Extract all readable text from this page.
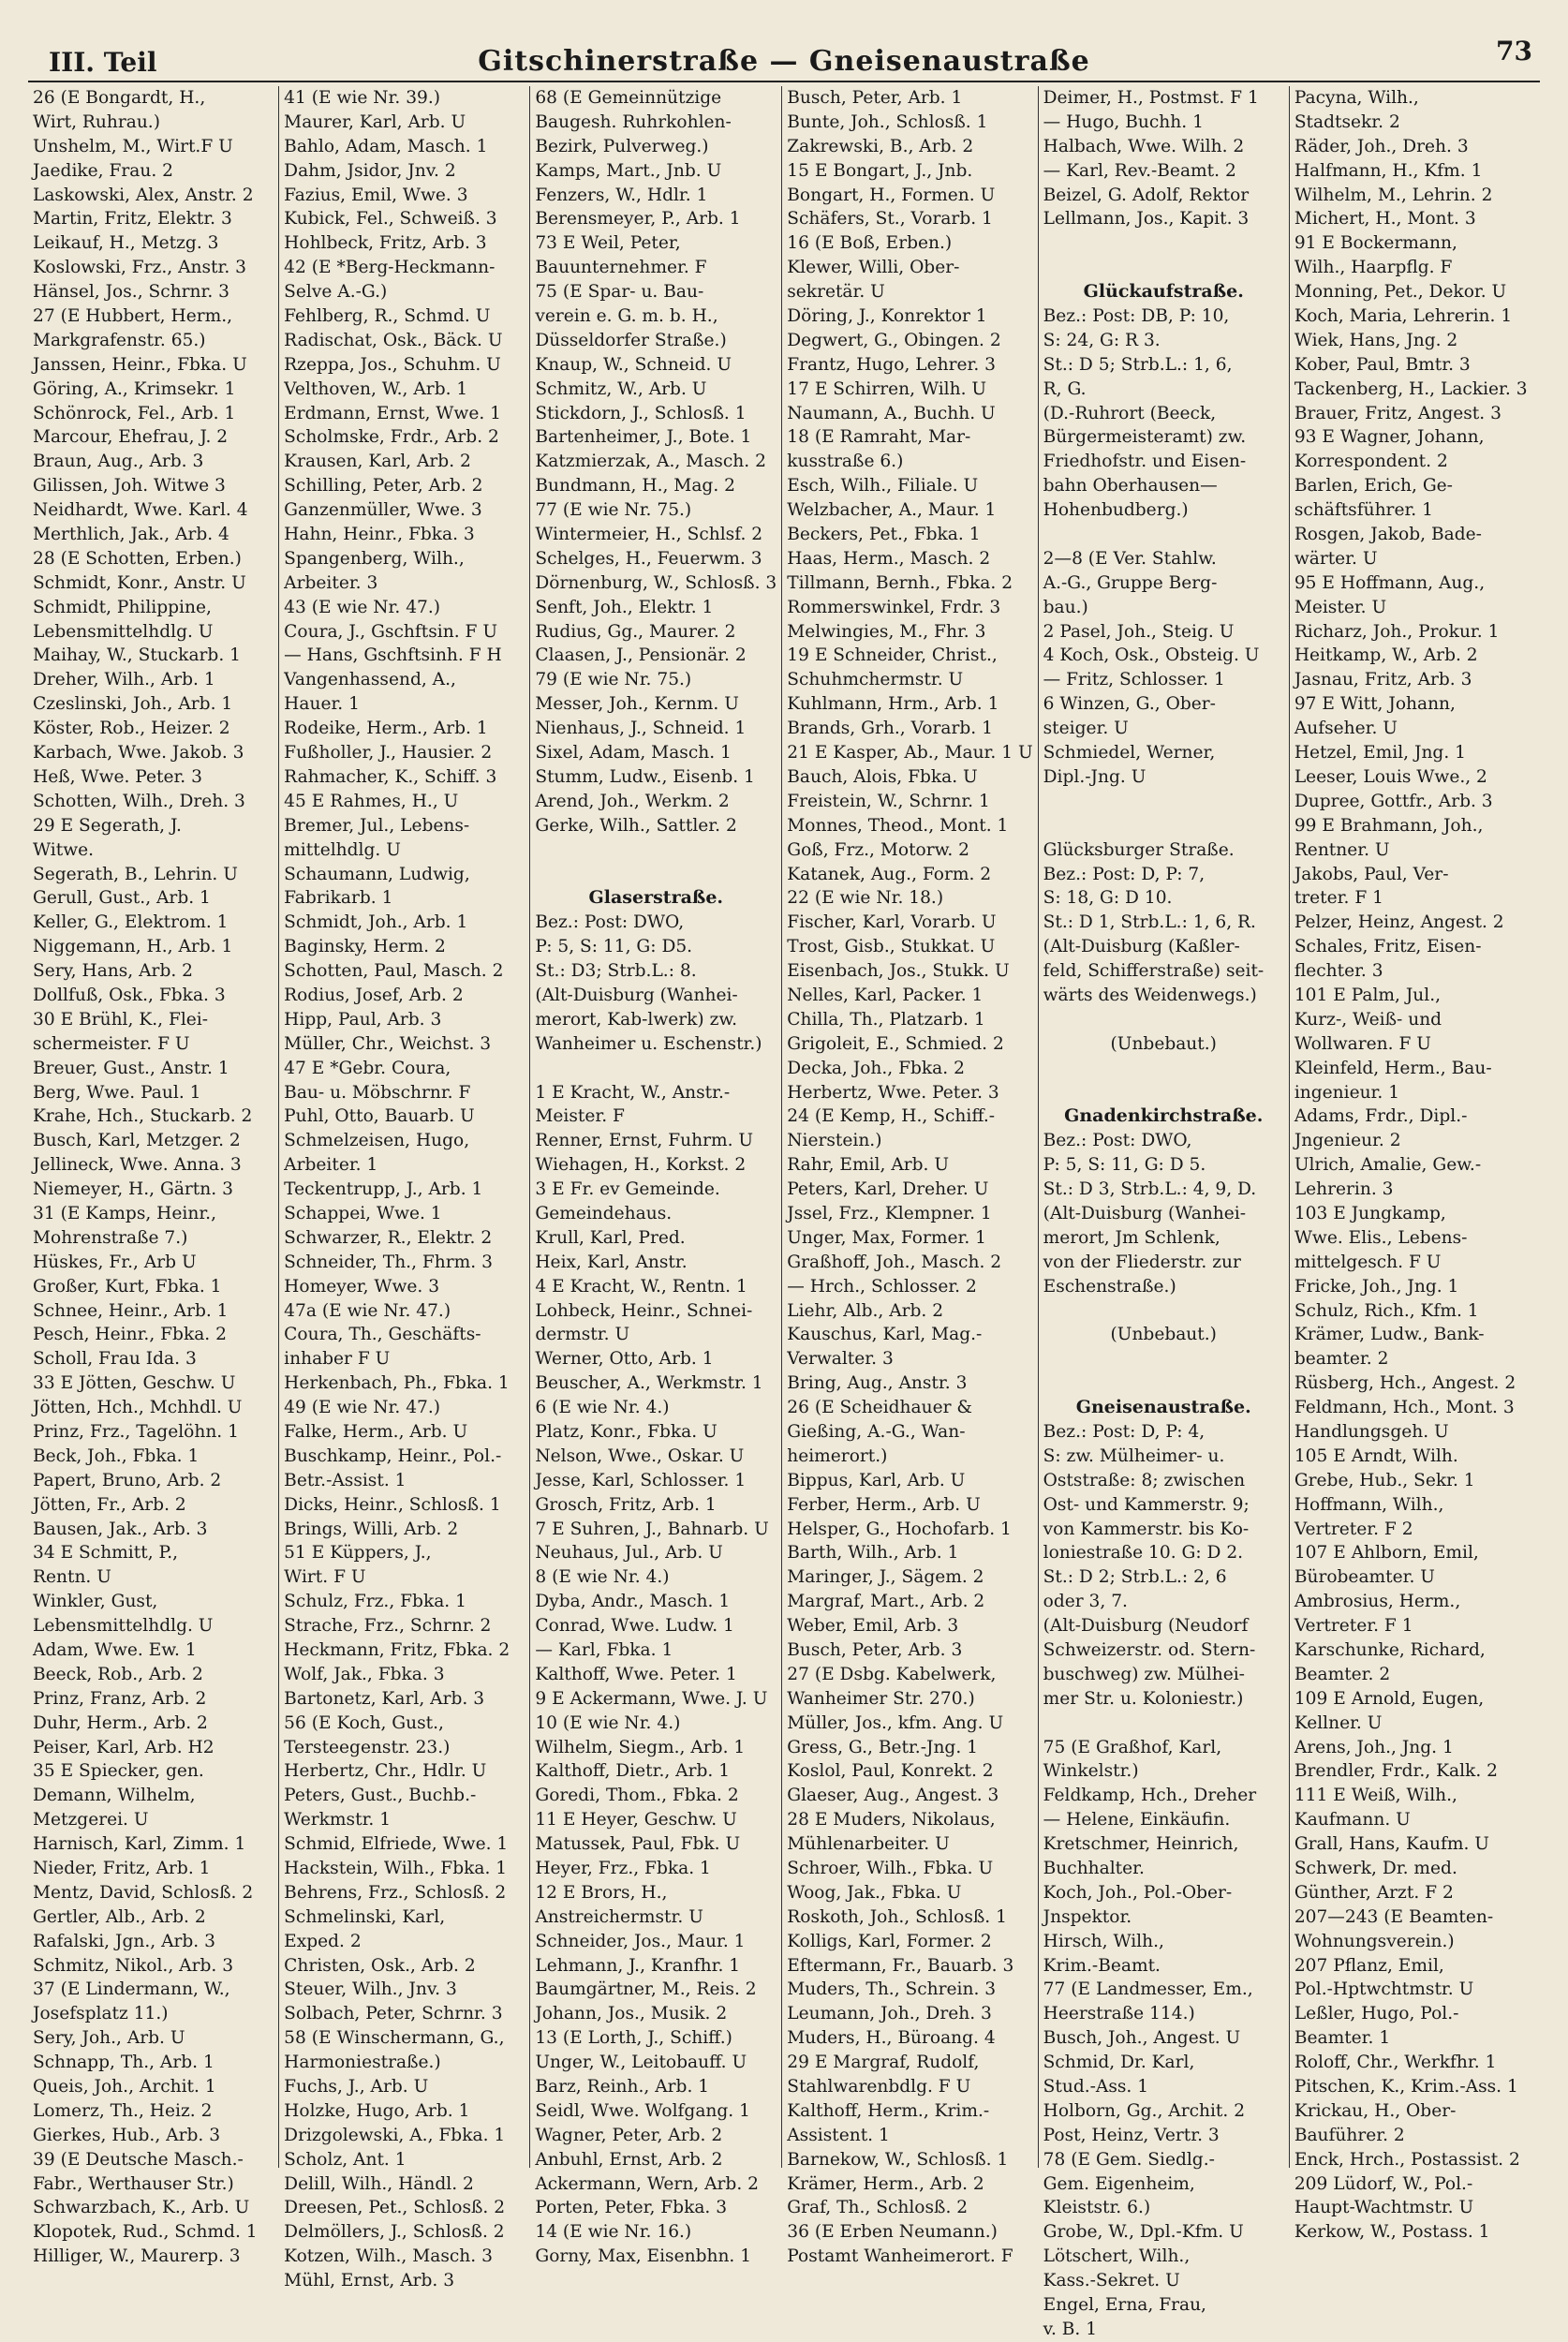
III. Teil	Gitschinerstraße — Gneisenaustraße	73
26 (E Bongardt, H.,
Wirt, Ruhrau.)
Unshelm, M., Wirt.F U
Jaedike, Frau. 2
Laskowski, Alex, Anstr. 2
Martin, Fritz, Elektr. 3
Leikauf, H., Metzg. 3
Koslowski, Frz., Anstr. 3
Hänsel, Jos., Schrnr. 3
27 (E Hubbert, Herm.,
Markgrafenstr. 65.)
Janssen, Heinr., Fbka. U
Göring, A., Krimsekr. 1
Schönrock, Fel., Arb. 1
Marcour, Ehefrau, J. 2
Braun, Aug., Arb. 3
Gilissen, Joh. Witwe 3
Neidhardt, Wwe. Karl. 4
Merthlich, Jak., Arb. 4
28 (E Schotten, Erben.)
Schmidt, Konr., Anstr. U
Schmidt, Philippine,
Lebensmittelhdlg. U
Maihay, W., Stuckarb. 1
Dreher, Wilh., Arb. 1
Czeslinski, Joh., Arb. 1
Köster, Rob., Heizer. 2
Karbach, Wwe. Jakob. 3
Heß, Wwe. Peter. 3
Schotten, Wilh., Dreh. 3
29 E Segerath, J.
Witwe.
Segerath, B., Lehrin. U
Gerull, Gust., Arb. 1
Keller, G., Elektrom. 1
Niggemann, H., Arb. 1
Sery, Hans, Arb. 2
Dollfuß, Osk., Fbka. 3
30 E Brühl, K., Flei-
schermeister. F U
Breuer, Gust., Anstr. 1
Berg, Wwe. Paul. 1
Krahe, Hch., Stuckarb. 2
Busch, Karl, Metzger. 2
Jellineck, Wwe. Anna. 3
Niemeyer, H., Gärtn. 3
31 (E Kamps, Heinr.,
Mohrenstraße 7.)
Hüskes, Fr., Arb U
Großer, Kurt, Fbka. 1
Schnee, Heinr., Arb. 1
Pesch, Heinr., Fbka. 2
Scholl, Frau Ida. 3
33 E Jötten, Geschw. U
Jötten, Hch., Mchhdl. U
Prinz, Frz., Tagelöhn. 1
Beck, Joh., Fbka. 1
Papert, Bruno, Arb. 2
Jötten, Fr., Arb. 2
Bausen, Jak., Arb. 3
34 E Schmitt, P.,
Rentn. U
Winkler, Gust,
Lebensmittelhdlg. U
Adam, Wwe. Ew. 1
Beeck, Rob., Arb. 2
Prinz, Franz, Arb. 2
Duhr, Herm., Arb. 2
Peiser, Karl, Arb. H2
35 E Spiecker, gen.
Demann, Wilhelm,
Metzgerei. U
Harnisch, Karl, Zimm. 1
Nieder, Fritz, Arb. 1
Mentz, David, Schlosß. 2
Gertler, Alb., Arb. 2
Rafalski, Jgn., Arb. 3
Schmitz, Nikol., Arb. 3
37 (E Lindermann, W.,
Josefsplatz 11.)
Sery, Joh., Arb. U
Schnapp, Th., Arb. 1
Queis, Joh., Archit. 1
Lomerz, Th., Heiz. 2
Gierkes, Hub., Arb. 3
39 (E Deutsche Masch.-
Fabr., Werthauser Str.)
Schwarzbach, K., Arb. U
Klopotek, Rud., Schmd. 1
Hilliger, W., Maurerp. 3
41 (E wie Nr. 39.)
Maurer, Karl, Arb. U
Bahlo, Adam, Masch. 1
Dahm, Jsidor, Jnv. 2
Fazius, Emil, Wwe. 3
Kubick, Fel., Schweiß. 3
Hohlbeck, Fritz, Arb. 3
42 (E *Berg-Heckmann-
Selve A.-G.)
Fehlberg, R., Schmd. U
Radischat, Osk., Bäck. U
Rzeppa, Jos., Schuhm. U
Velthoven, W., Arb. 1
Erdmann, Ernst, Wwe. 1
Scholmske, Frdr., Arb. 2
Krausen, Karl, Arb. 2
Schilling, Peter, Arb. 2
Ganzenmüller, Wwe. 3
Hahn, Heinr., Fbka. 3
Spangenberg, Wilh.,
Arbeiter. 3
43 (E wie Nr. 47.)
Coura, J., Gschftsin. F U
— Hans, Gschftsinh. F H
Vangenhassend, A.,
Hauer. 1
Rodeike, Herm., Arb. 1
Fußholler, J., Hausier. 2
Rahmacher, K., Schiff. 3
45 E Rahmes, H., U
Bremer, Jul., Lebens-
mittelhdlg. U
Schaumann, Ludwig,
Fabrikarb. 1
Schmidt, Joh., Arb. 1
Baginsky, Herm. 2
Schotten, Paul, Masch. 2
Rodius, Josef, Arb. 2
Hipp, Paul, Arb. 3
Müller, Chr., Weichst. 3
47 E *Gebr. Coura,
Bau- u. Möbschrnr. F
Puhl, Otto, Bauarb. U
Schmelzeisen, Hugo,
Arbeiter. 1
Teckentrupp, J., Arb. 1
Schappei, Wwe. 1
Schwarzer, R., Elektr. 2
Schneider, Th., Fhrm. 3
Homeyer, Wwe. 3
47a (E wie Nr. 47.)
Coura, Th., Geschäfts-
inhaber F U
Herkenbach, Ph., Fbka. 1
49 (E wie Nr. 47.)
Falke, Herm., Arb. U
Buschkamp, Heinr., Pol.-
Betr.-Assist. 1
Dicks, Heinr., Schlosß. 1
Brings, Willi, Arb. 2
51 E Küppers, J.,
Wirt. F U
Schulz, Frz., Fbka. 1
Strache, Frz., Schrnr. 2
Heckmann, Fritz, Fbka. 2
Wolf, Jak., Fbka. 3
Bartonetz, Karl, Arb. 3
56 (E Koch, Gust.,
Tersteegenstr. 23.)
Herbertz, Chr., Hdlr. U
Peters, Gust., Buchb.-
Werkmstr. 1
Schmid, Elfriede, Wwe. 1
Hackstein, Wilh., Fbka. 1
Behrens, Frz., Schlosß. 2
Schmelinski, Karl,
Exped. 2
Christen, Osk., Arb. 2
Steuer, Wilh., Jnv. 3
Solbach, Peter, Schrnr. 3
58 (E Winschermann, G.,
Harmoniestraße.)
Fuchs, J., Arb. U
Holzke, Hugo, Arb. 1
Drizgolewski, A., Fbka. 1
Scholz, Ant. 1
Delill, Wilh., Händl. 2
Dreesen, Pet., Schlosß. 2
Delmöllers, J., Schlosß. 2
Kotzen, Wilh., Masch. 3
Mühl, Ernst, Arb. 3
68 (E Gemeinnützige
Baugesh. Ruhrkohlen-
Bezirk, Pulverweg.)
Kamps, Mart., Jnb. U
Fenzers, W., Hdlr. 1
Berensmeyer, P., Arb. 1
73 E Weil, Peter,
Bauunternehmer. F
75 (E Spar- u. Bau-
verein e. G. m. b. H.,
Düsseldorfer Straße.)
Knaup, W., Schneid. U
Schmitz, W., Arb. U
Stickdorn, J., Schlosß. 1
Bartenheimer, J., Bote. 1
Katzmierzak, A., Masch. 2
Bundmann, H., Mag. 2
77 (E wie Nr. 75.)
Wintermeier, H., Schlsf. 2
Schelges, H., Feuerwm. 3
Dörnenburg, W., Schlosß. 3
Senft, Joh., Elektr. 1
Rudius, Gg., Maurer. 2
Claasen, J., Pensionär. 2
79 (E wie Nr. 75.)
Messer, Joh., Kernm. U
Nienhaus, J., Schneid. 1
Sixel, Adam, Masch. 1
Stumm, Ludw., Eisenb. 1
Arend, Joh., Werkm. 2
Gerke, Wilh., Sattler. 2
Glaserstraße.
Bez.: Post: DWO,
P: 5, S: 11, G: D5.
St.: D3; Strb.L.: 8.
(Alt-Duisburg (Wanhei-
merort, Kab-lwerk) zw.
Wanheimer u. Eschenstr.)
1 E Kracht, W., Anstr.-
Meister. F
Renner, Ernst, Fuhrm. U
Wiehagen, H., Korkst. 2
3 E Fr. ev Gemeinde.
Gemeindehaus.
Krull, Karl, Pred.
Heix, Karl, Anstr.
4 E Kracht, W., Rentn. 1
Lohbeck, Heinr., Schnei-
dermstr. U
Werner, Otto, Arb. 1
Beuscher, A., Werkmstr. 1
6 (E wie Nr. 4.)
Platz, Konr., Fbka. U
Nelson, Wwe., Oskar. U
Jesse, Karl, Schlosser. 1
Grosch, Fritz, Arb. 1
7 E Suhren, J., Bahnarb. U
Neuhaus, Jul., Arb. U
8 (E wie Nr. 4.)
Dyba, Andr., Masch. 1
Conrad, Wwe. Ludw. 1
— Karl, Fbka. 1
Kalthoff, Wwe. Peter. 1
9 E Ackermann, Wwe. J. U
10 (E wie Nr. 4.)
Wilhelm, Siegm., Arb. 1
Kalthoff, Dietr., Arb. 1
Goredi, Thom., Fbka. 2
11 E Heyer, Geschw. U
Matussek, Paul, Fbk. U
Heyer, Frz., Fbka. 1
12 E Brors, H.,
Anstreichermstr. U
Schneider, Jos., Maur. 1
Lehmann, J., Kranfhr. 1
Baumgärtner, M., Reis. 2
Johann, Jos., Musik. 2
13 (E Lorth, J., Schiff.)
Unger, W., Leitobauff. U
Barz, Reinh., Arb. 1
Seidl, Wwe. Wolfgang. 1
Wagner, Peter, Arb. 2
Anbuhl, Ernst, Arb. 2
Ackermann, Wern, Arb. 2
Porten, Peter, Fbka. 3
14 (E wie Nr. 16.)
Gorny, Max, Eisenbhn. 1
Busch, Peter, Arb. 1
Bunte, Joh., Schlosß. 1
Zakrewski, B., Arb. 2
15 E Bongart, J., Jnb.
Bongart, H., Formen. U
Schäfers, St., Vorarb. 1
16 (E Boß, Erben.)
Klewer, Willi, Ober-
sekretär. U
Döring, J., Konrektor 1
Degwert, G., Obingen. 2
Frantz, Hugo, Lehrer. 3
17 E Schirren, Wilh. U
Naumann, A., Buchh. U
18 (E Ramraht, Mar-
kusstraße 6.)
Esch, Wilh., Filiale. U
Welzbacher, A., Maur. 1
Beckers, Pet., Fbka. 1
Haas, Herm., Masch. 2
Tillmann, Bernh., Fbka. 2
Rommerswinkel, Frdr. 3
Melwingies, M., Fhr. 3
19 E Schneider, Christ.,
Schuhmchermstr. U
Kuhlmann, Hrm., Arb. 1
Brands, Grh., Vorarb. 1
21 E Kasper, Ab., Maur. 1 U
Bauch, Alois, Fbka. U
Freistein, W., Schrnr. 1
Monnes, Theod., Mont. 1
Goß, Frz., Motorw. 2
Katanek, Aug., Form. 2
22 (E wie Nr. 18.)
Fischer, Karl, Vorarb. U
Trost, Gisb., Stukkat. U
Eisenbach, Jos., Stukk. U
Nelles, Karl, Packer. 1
Chilla, Th., Platzarb. 1
Grigoleit, E., Schmied. 2
Decka, Joh., Fbka. 2
Herbertz, Wwe. Peter. 3
24 (E Kemp, H., Schiff.-
Nierstein.)
Rahr, Emil, Arb. U
Peters, Karl, Dreher. U
Jssel, Frz., Klempner. 1
Unger, Max, Former. 1
Graßhoff, Joh., Masch. 2
— Hrch., Schlosser. 2
Liehr, Alb., Arb. 2
Kauschus, Karl, Mag.-
Verwalter. 3
Bring, Aug., Anstr. 3
26 (E Scheidhauer &
Gießing, A.-G., Wan-
heimerort.)
Bippus, Karl, Arb. U
Ferber, Herm., Arb. U
Helsper, G., Hochofarb. 1
Barth, Wilh., Arb. 1
Maringer, J., Sägem. 2
Margraf, Mart., Arb. 2
Weber, Emil, Arb. 3
Busch, Peter, Arb. 3
27 (E Dsbg. Kabelwerk,
Wanheimer Str. 270.)
Müller, Jos., kfm. Ang. U
Gress, G., Betr.-Jng. 1
Koslol, Paul, Konrekt. 2
Glaeser, Aug., Angest. 3
28 E Muders, Nikolaus,
Mühlenarbeiter. U
Schroer, Wilh., Fbka. U
Woog, Jak., Fbka. U
Roskoth, Joh., Schlosß. 1
Kolligs, Karl, Former. 2
Eftermann, Fr., Bauarb. 3
Muders, Th., Schrein. 3
Leumann, Joh., Dreh. 3
Muders, H., Büroang. 4
29 E Margraf, Rudolf,
Stahlwarenbdlg. F U
Kalthoff, Herm., Krim.-
Assistent. 1
Barnekow, W., Schlosß. 1
Krämer, Herm., Arb. 2
Graf, Th., Schlosß. 2
36 (E Erben Neumann.)
Postamt Wanheimerort. F
Deimer, H., Postmst. F 1
— Hugo, Buchh. 1
Halbach, Wwe. Wilh. 2
— Karl, Rev.-Beamt. 2
Beizel, G. Adolf, Rektor
Lellmann, Jos., Kapit. 3
Glückaufstraße.
Bez.: Post: DB, P: 10,
S: 24, G: R 3.
St.: D 5; Strb.L.: 1, 6,
R, G.
(D.-Ruhrort (Beeck,
Bürgermeisteramt) zw.
Friedhofstr. und Eisen-
bahn Oberhausen—
Hohenbudberg.)
2—8 (E Ver. Stahlw.
A.-G., Gruppe Berg-
bau.)
2 Pasel, Joh., Steig. U
4 Koch, Osk., Obsteig. U
— Fritz, Schlosser. 1
6 Winzen, G., Ober-
steiger. U
Schmiedel, Werner,
Dipl.-Jng. U
Glücksburger Straße.
Bez.: Post: D, P: 7,
S: 18, G: D 10.
St.: D 1, Strb.L.: 1, 6, R.
(Alt-Duisburg (Kaßler-
feld, Schifferstraße) seit-
wärts des Weidenwegs.)
(Unbebaut.)
Gnadenkirchstraße.
Bez.: Post: DWO,
P: 5, S: 11, G: D 5.
St.: D 3, Strb.L.: 4, 9, D.
(Alt-Duisburg (Wanhei-
merort, Jm Schlenk,
von der Fliederstr. zur
Eschenstraße.)
(Unbebaut.)
Gneisenaustraße.
Bez.: Post: D, P: 4,
S: zw. Mülheimer- u.
Oststraße: 8; zwischen
Ost- und Kammerstr. 9;
von Kammerstr. bis Ko-
loniestraße 10. G: D 2.
St.: D 2; Strb.L.: 2, 6
oder 3, 7.
(Alt-Duisburg (Neudorf
Schweizerstr. od. Stern-
buschweg) zw. Mülhei-
mer Str. u. Koloniestr.)
75 (E Graßhof, Karl,
Winkelstr.)
Feldkamp, Hch., Dreher
— Helene, Einkäufin.
Kretschmer, Heinrich,
Buchhalter.
Koch, Joh., Pol.-Ober-
Jnspektor.
Hirsch, Wilh.,
Krim.-Beamt.
77 (E Landmesser, Em.,
Heerstraße 114.)
Busch, Joh., Angest. U
Schmid, Dr. Karl,
Stud.-Ass. 1
Holborn, Gg., Archit. 2
Post, Heinz, Vertr. 3
78 (E Gem. Siedlg.-
Gem. Eigenheim,
Kleiststr. 6.)
Grobe, W., Dpl.-Kfm. U
Lötschert, Wilh.,
Kass.-Sekret. U
Engel, Erna, Frau,
v. B. 1
Pacyna, Wilh.,
Stadtsekr. 2
Räder, Joh., Dreh. 3
Halfmann, H., Kfm. 1
Wilhelm, M., Lehrin. 2
Michert, H., Mont. 3
91 E Bockermann,
Wilh., Haarpflg. F
Monning, Pet., Dekor. U
Koch, Maria, Lehrerin. 1
Wiek, Hans, Jng. 2
Kober, Paul, Bmtr. 3
Tackenberg, H., Lackier. 3
Brauer, Fritz, Angest. 3
93 E Wagner, Johann,
Korrespondent. 2
Barlen, Erich, Ge-
schäftsführer. 1
Rosgen, Jakob, Bade-
wärter. U
95 E Hoffmann, Aug.,
Meister. U
Richarz, Joh., Prokur. 1
Heitkamp, W., Arb. 2
Jasnau, Fritz, Arb. 3
97 E Witt, Johann,
Aufseher. U
Hetzel, Emil, Jng. 1
Leeser, Louis Wwe., 2
Dupree, Gottfr., Arb. 3
99 E Brahmann, Joh.,
Rentner. U
Jakobs, Paul, Ver-
treter. F 1
Pelzer, Heinz, Angest. 2
Schales, Fritz, Eisen-
flechter. 3
101 E Palm, Jul.,
Kurz-, Weiß- und
Wollwaren. F U
Kleinfeld, Herm., Bau-
ingenieur. 1
Adams, Frdr., Dipl.-
Jngenieur. 2
Ulrich, Amalie, Gew.-
Lehrerin. 3
103 E Jungkamp,
Wwe. Elis., Lebens-
mittelgesch. F U
Fricke, Joh., Jng. 1
Schulz, Rich., Kfm. 1
Krämer, Ludw., Bank-
beamter. 2
Rüsberg, Hch., Angest. 2
Feldmann, Hch., Mont. 3
Handlungsgeh. U
105 E Arndt, Wilh.
Grebe, Hub., Sekr. 1
Hoffmann, Wilh.,
Vertreter. F 2
107 E Ahlborn, Emil,
Bürobeamter. U
Ambrosius, Herm.,
Vertreter. F 1
Karschunke, Richard,
Beamter. 2
109 E Arnold, Eugen,
Kellner. U
Arens, Joh., Jng. 1
Brendler, Frdr., Kalk. 2
111 E Weiß, Wilh.,
Kaufmann. U
Grall, Hans, Kaufm. U
Schwerk, Dr. med.
Günther, Arzt. F 2
207—243 (E Beamten-
Wohnungsverein.)
207 Pflanz, Emil,
Pol.-Hptwchtmstr. U
Leßler, Hugo, Pol.-
Beamter. 1
Roloff, Chr., Werkfhr. 1
Pitschen, K., Krim.-Ass. 1
Krickau, H., Ober-
Bauführer. 2
Enck, Hrch., Postassist. 2
209 Lüdorf, W., Pol.-
Haupt-Wachtmstr. U
Kerkow, W., Postass. 1
